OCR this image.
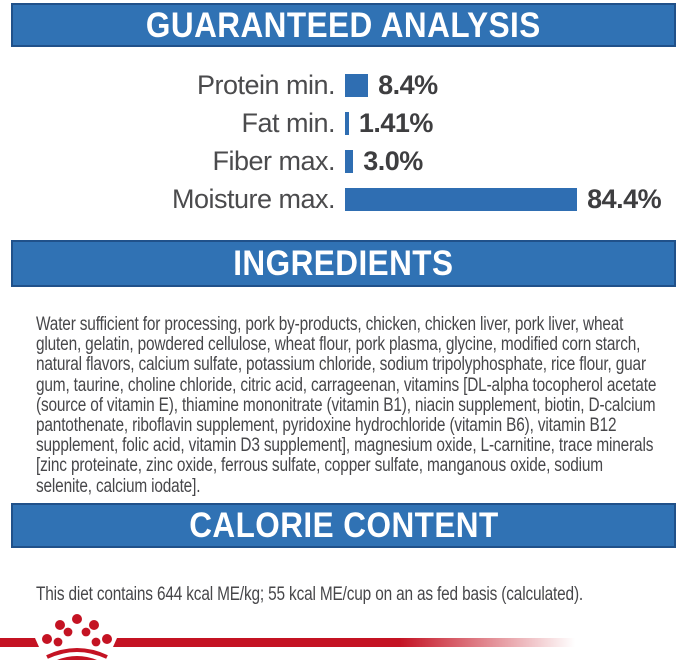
GUARANTEED ANALYSIS
Protein min. 8.4%
Fat min. 1.41%
Fiber max. 3.0%
Moisture max.	84.4%
INGREDIENTS

Water sufficient for processing, pork by-products, chicken, chicken liver, pork liver, wheat gluten, gelatin, powdered cellulose, wheat flour, pork plasma, glycine, modified corn starch, natural flavors, calcium sulfate, potassium chloride, sodium tripolyphosphate, rice flour, guar gum, taurine, choline chloride, citric acid, carrageenan, vitamins [DL-alpha tocopherol acetate (source of vitamin E), thiamine mononitrate (vitamin B1), niacin supplement, biotin, D-calcium pantothenate, riboflavin supplement, pyridoxine hydrochloride (vitamin B6), vitamin B12 supplement, folic acid, vitamin D3 supplement], magnesium oxide, L-carnitine, trace minerals [zinc proteinate, zinc oxide, ferrous sulfate, copper sulfate, manganous oxide, sodium selenite, calcium iodate].

CALORIE CONTENT

This diet contains 644 kcal ME/kg; 55 kcal ME/cup on an as fed basis (calculated).
